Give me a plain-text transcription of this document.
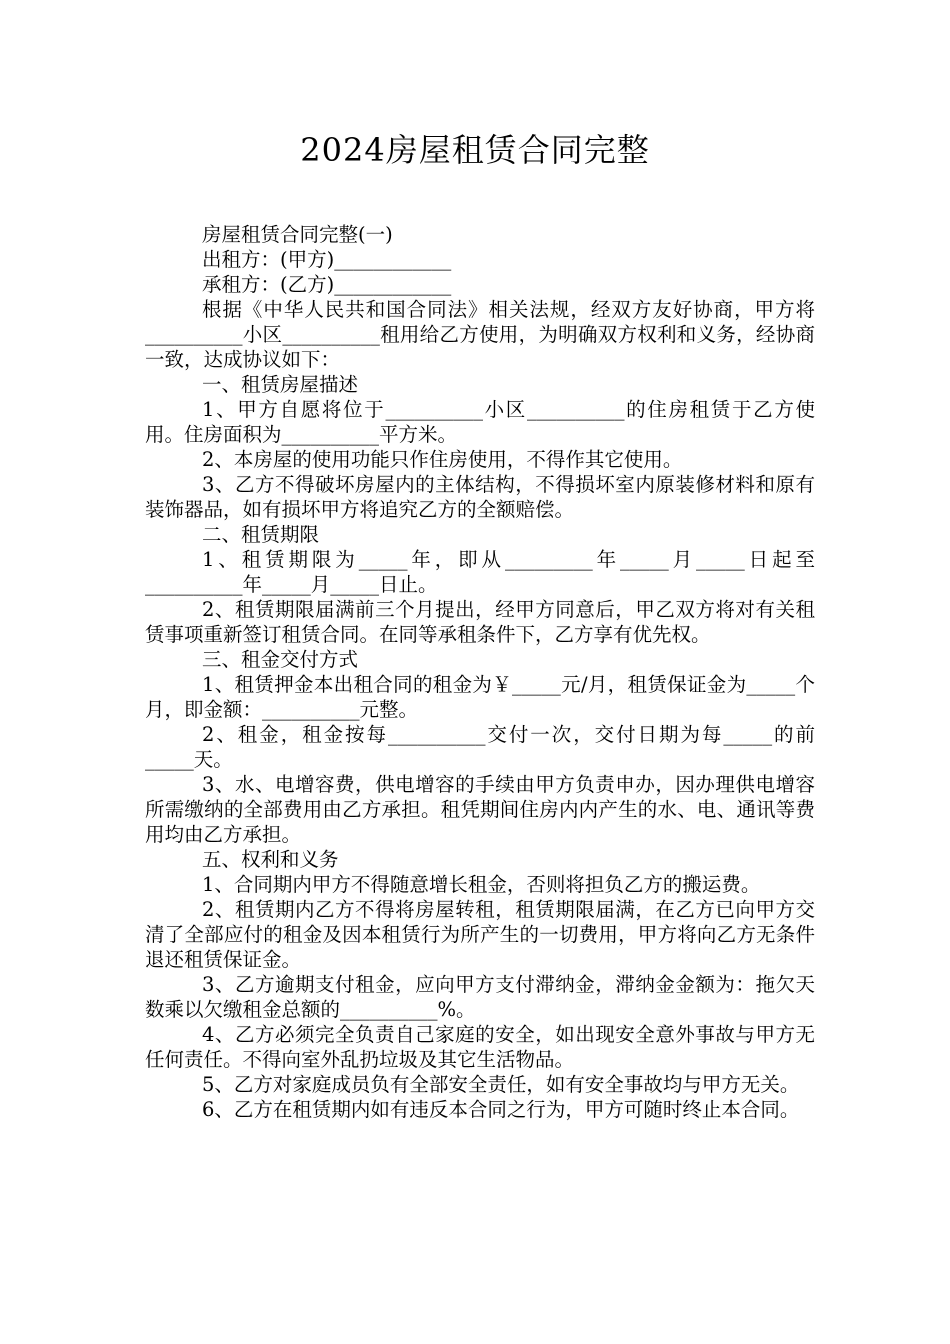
2024房屋租赁合同完整

房屋租赁合同完整(一)

出租方：(甲方)____________

承租方：(乙方)____________

根据《中华人民共和国合同法》相关法规，经双方友好协商，甲方将__________小区__________租用给乙方使用，为明确双方权利和义务，经协商一致，达成协议如下：

一、租赁房屋描述

1、甲方自愿将位于__________小区__________的住房租赁于乙方使用。住房面积为__________平方米。

2、本房屋的使用功能只作住房使用，不得作其它使用。

3、乙方不得破坏房屋内的主体结构，不得损坏室内原装修材料和原有装饰器品，如有损坏甲方将追究乙方的全额赔偿。

二、租赁期限

1、租赁期限为_____年，即从_________年_____月_____日起至__________年_____月_____日止。

2、租赁期限届满前三个月提出，经甲方同意后，甲乙双方将对有关租赁事项重新签订租赁合同。在同等承租条件下，乙方享有优先权。

三、租金交付方式

1、租赁押金本出租合同的租金为￥_____元/月，租赁保证金为_____个月，即金额：__________元整。

2、租金，租金按每__________交付一次，交付日期为每_____的前_____天。

3、水、电增容费，供电增容的手续由甲方负责申办，因办理供电增容所需缴纳的全部费用由乙方承担。租凭期间住房内内产生的水、电、通讯等费用均由乙方承担。

五、权利和义务

1、合同期内甲方不得随意增长租金，否则将担负乙方的搬运费。

2、租赁期内乙方不得将房屋转租，租赁期限届满，在乙方已向甲方交清了全部应付的租金及因本租赁行为所产生的一切费用，甲方将向乙方无条件退还租赁保证金。

3、乙方逾期支付租金，应向甲方支付滞纳金，滞纳金金额为：拖欠天数乘以欠缴租金总额的__________%。

4、乙方必须完全负责自己家庭的安全，如出现安全意外事故与甲方无任何责任。不得向室外乱扔垃圾及其它生活物品。

5、乙方对家庭成员负有全部安全责任，如有安全事故均与甲方无关。

6、乙方在租赁期内如有违反本合同之行为，甲方可随时终止本合同。
